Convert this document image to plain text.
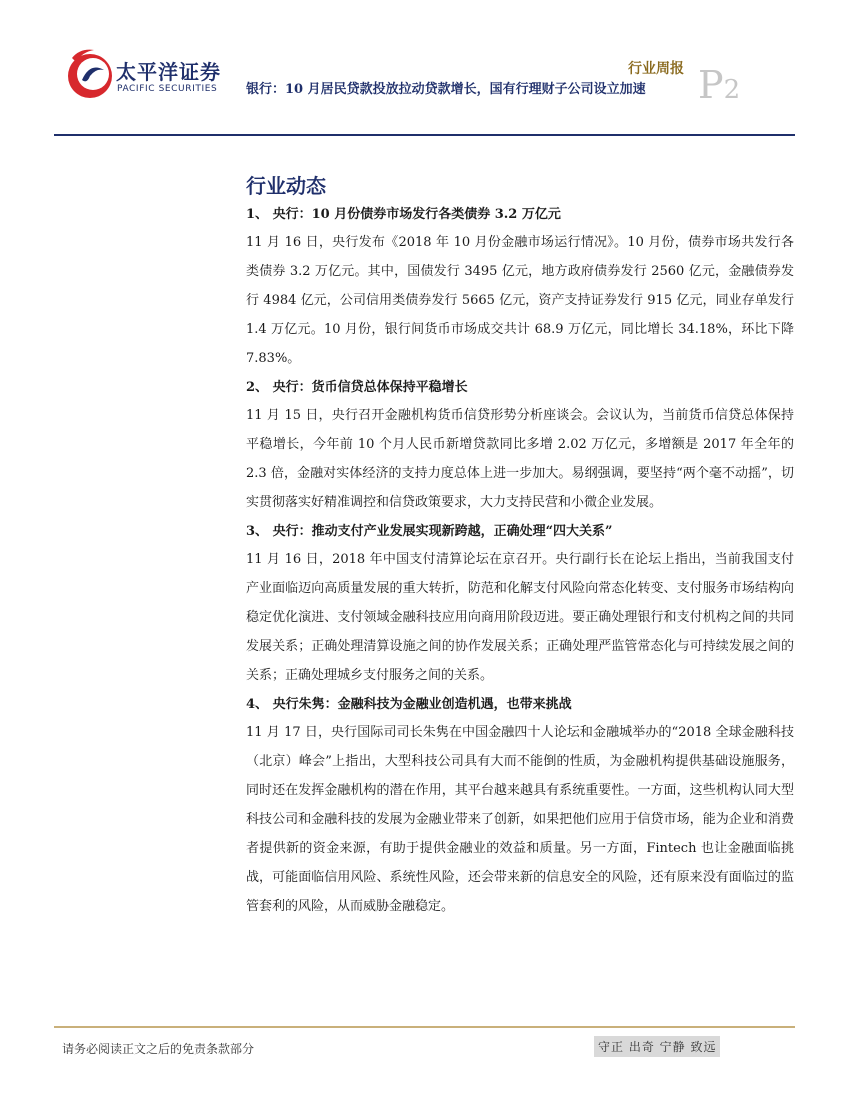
太平洋证券
PACIFIC SECURITIES
行业周报
银行：10 月居民贷款投放拉动贷款增长，国有行理财子公司设立加速 P2
行业动态
1、 央行：10 月份债券市场发行各类债券 3.2 万亿元

11 月 16 日，央行发布《2018 年 10 月份金融市场运行情况》。10 月份，债券市场共发行各类债券 3.2 万亿元。其中，国债发行 3495 亿元，地方政府债券发行 2560 亿元，金融债券发行 4984 亿元，公司信用类债券发行 5665 亿元，资产支持证券发行 915 亿元，同业存单发行 1.4 万亿元。10 月份，银行间货币市场成交共计 68.9 万亿元，同比增长 34.18%，环比下降 7.83%。

2、 央行：货币信贷总体保持平稳增长

11 月 15 日，央行召开金融机构货币信贷形势分析座谈会。会议认为，当前货币信贷总体保持平稳增长，今年前 10 个月人民币新增贷款同比多增 2.02 万亿元，多增额是 2017 年全年的 2.3 倍，金融对实体经济的支持力度总体上进一步加大。易纲强调，要坚持“两个毫不动摇”，切实贯彻落实好精准调控和信贷政策要求，大力支持民营和小微企业发展。

3、 央行：推动支付产业发展实现新跨越，正确处理“四大关系”

11 月 16 日，2018 年中国支付清算论坛在京召开。央行副行长在论坛上指出，当前我国支付产业面临迈向高质量发展的重大转折，防范和化解支付风险向常态化转变、支付服务市场结构向稳定优化演进、支付领域金融科技应用向商用阶段迈进。要正确处理银行和支付机构之间的共同发展关系；正确处理清算设施之间的协作发展关系；正确处理严监管常态化与可持续发展之间的关系；正确处理城乡支付服务之间的关系。

4、 央行朱隽：金融科技为金融业创造机遇，也带来挑战

11 月 17 日，央行国际司司长朱隽在中国金融四十人论坛和金融城举办的“2018 全球金融科技（北京）峰会”上指出，大型科技公司具有大而不能倒的性质，为金融机构提供基础设施服务，同时还在发挥金融机构的潜在作用，其平台越来越具有系统重要性。一方面，这些机构认同大型科技公司和金融科技的发展为金融业带来了创新，如果把他们应用于信贷市场，能为企业和消费者提供新的资金来源，有助于提供金融业的效益和质量。另一方面，Fintech 也让金融面临挑战，可能面临信用风险、系统性风险，还会带来新的信息安全的风险，还有原来没有面临过的监管套利的风险，从而威胁金融稳定。

请务必阅读正文之后的免责条款部分	守正 出奇 宁静 致远
